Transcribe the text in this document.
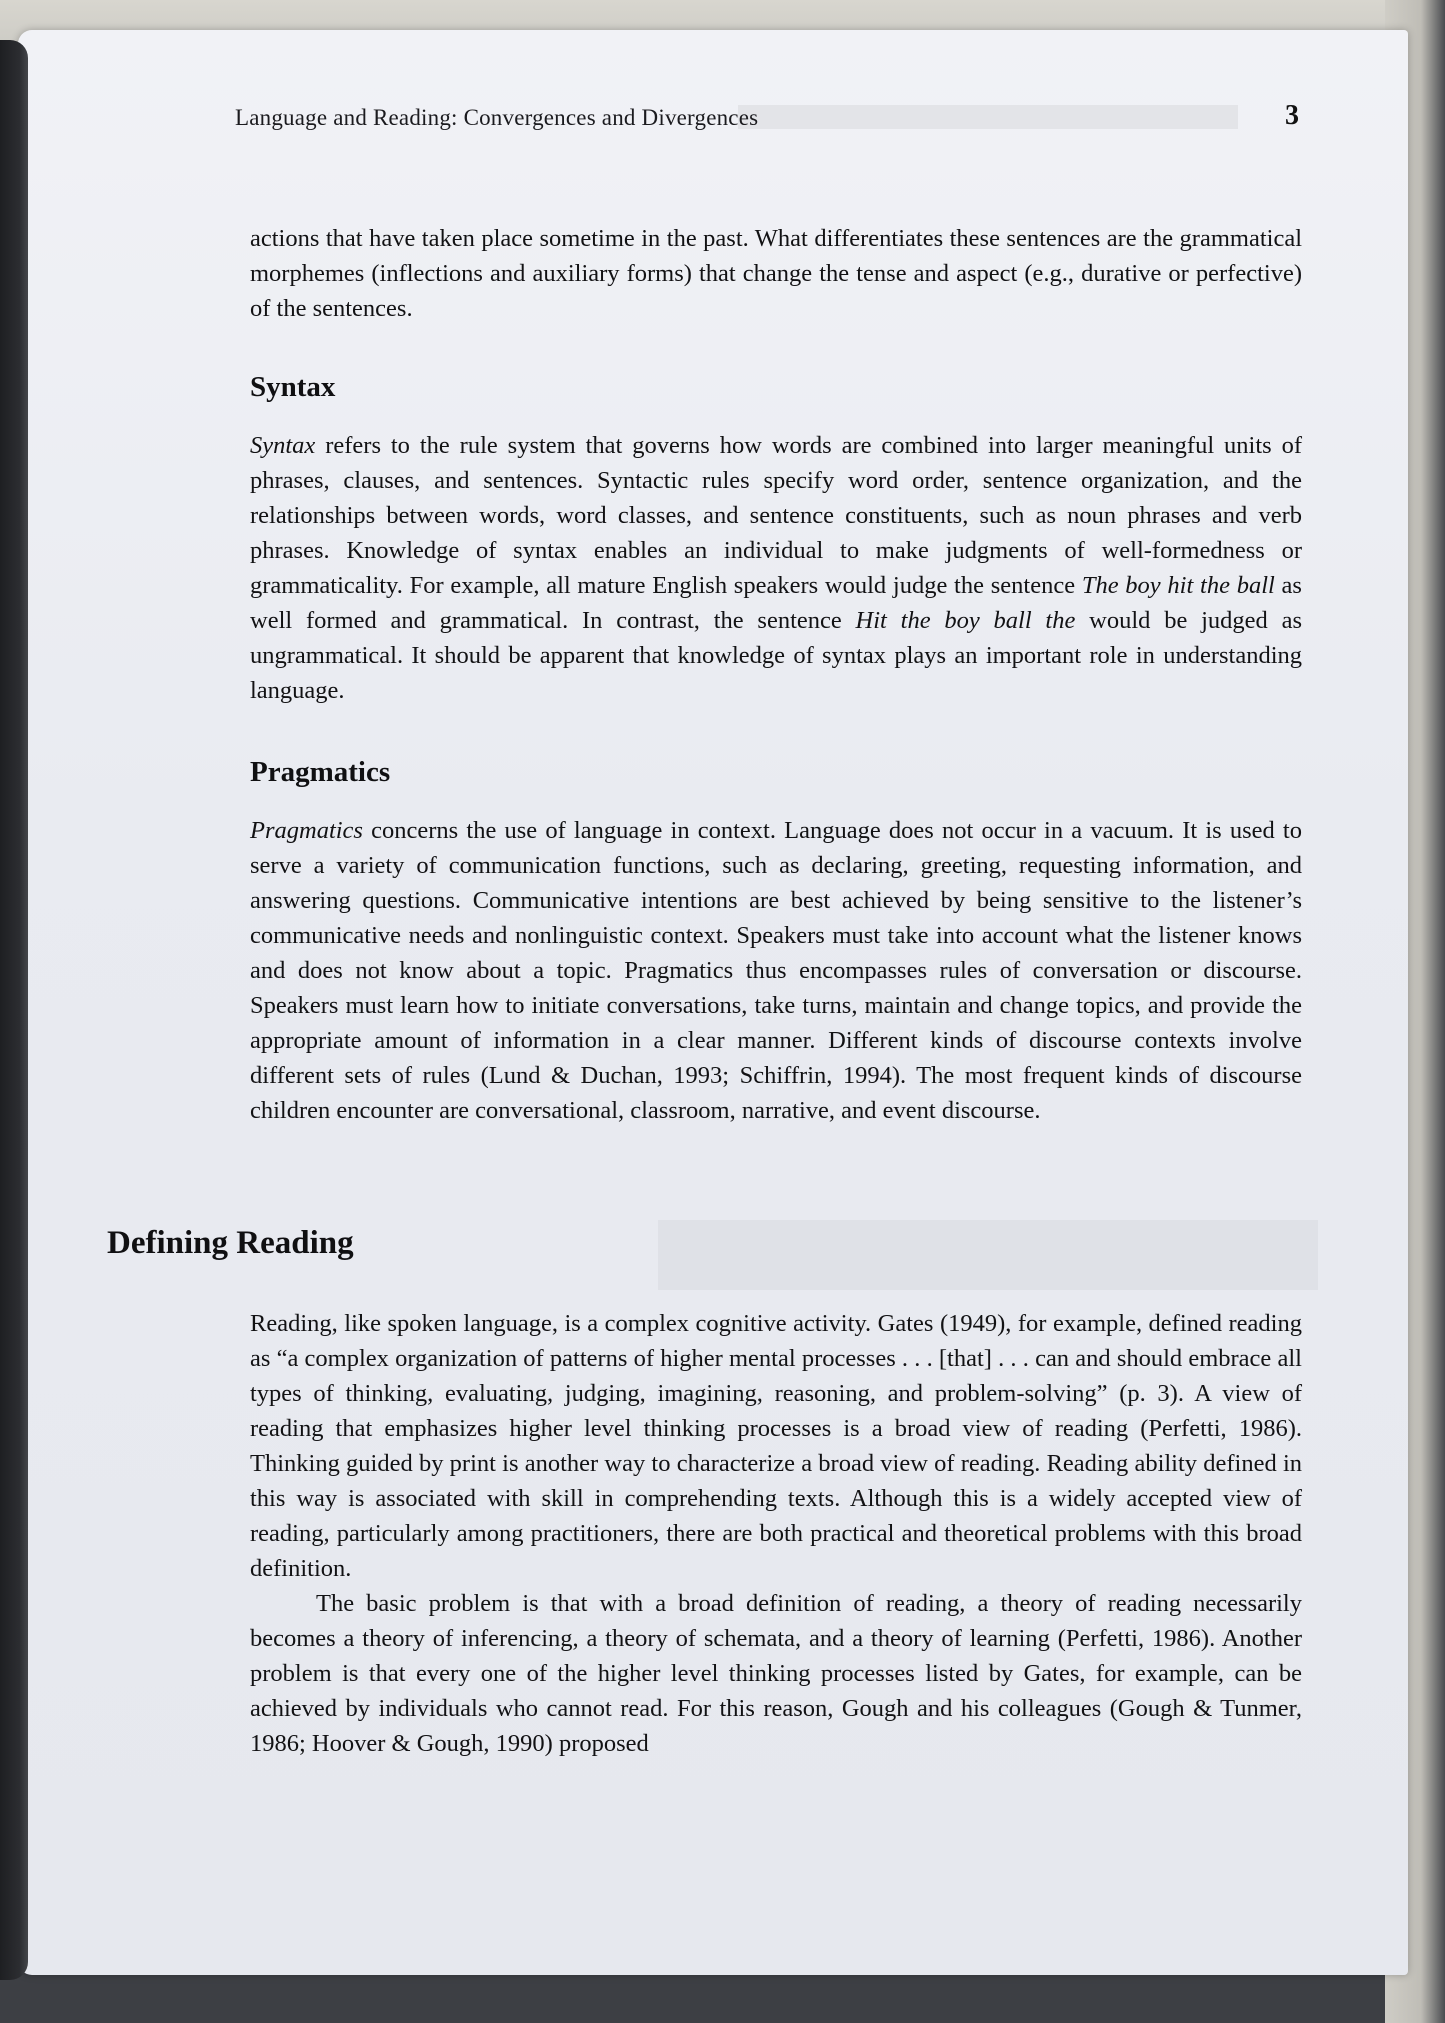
Language and Reading: Convergences and Divergences	3

actions that have taken place sometime in the past. What differentiates these sentences are the grammatical morphemes (inflections and auxiliary forms) that change the tense and aspect (e.g., durative or perfective) of the sentences.

Syntax

Syntax refers to the rule system that governs how words are combined into larger meaningful units of phrases, clauses, and sentences. Syntactic rules specify word order, sentence organization, and the relationships between words, word classes, and sentence constituents, such as noun phrases and verb phrases. Knowledge of syntax enables an individual to make judgments of well-formedness or grammaticality. For example, all mature English speakers would judge the sentence The boy hit the ball as well formed and grammatical. In contrast, the sentence Hit the boy ball the would be judged as ungrammatical. It should be apparent that knowledge of syntax plays an important role in understanding language.

Pragmatics

Pragmatics concerns the use of language in context. Language does not occur in a vacuum. It is used to serve a variety of communication functions, such as declaring, greeting, requesting information, and answering questions. Communicative intentions are best achieved by being sensitive to the listener’s communicative needs and nonlinguistic context. Speakers must take into account what the listener knows and does not know about a topic. Pragmatics thus encompasses rules of conversation or discourse. Speakers must learn how to initiate conversations, take turns, maintain and change topics, and provide the appropriate amount of information in a clear manner. Different kinds of discourse contexts involve different sets of rules (Lund & Duchan, 1993; Schiffrin, 1994). The most frequent kinds of discourse children encounter are conversational, classroom, narrative, and event discourse.

Defining Reading

Reading, like spoken language, is a complex cognitive activity. Gates (1949), for example, defined reading as “a complex organization of patterns of higher mental processes . . . [that] . . . can and should embrace all types of thinking, evaluating, judging, imagining, reasoning, and problem-solving” (p. 3). A view of reading that emphasizes higher level thinking processes is a broad view of reading (Perfetti, 1986). Thinking guided by print is another way to characterize a broad view of reading. Reading ability defined in this way is associated with skill in comprehending texts. Although this is a widely accepted view of reading, particularly among practitioners, there are both practical and theoretical problems with this broad definition.

The basic problem is that with a broad definition of reading, a theory of reading necessarily becomes a theory of inferencing, a theory of schemata, and a theory of learning (Perfetti, 1986). Another problem is that every one of the higher level thinking processes listed by Gates, for example, can be achieved by individuals who cannot read. For this reason, Gough and his colleagues (Gough & Tunmer, 1986; Hoover & Gough, 1990) proposed
